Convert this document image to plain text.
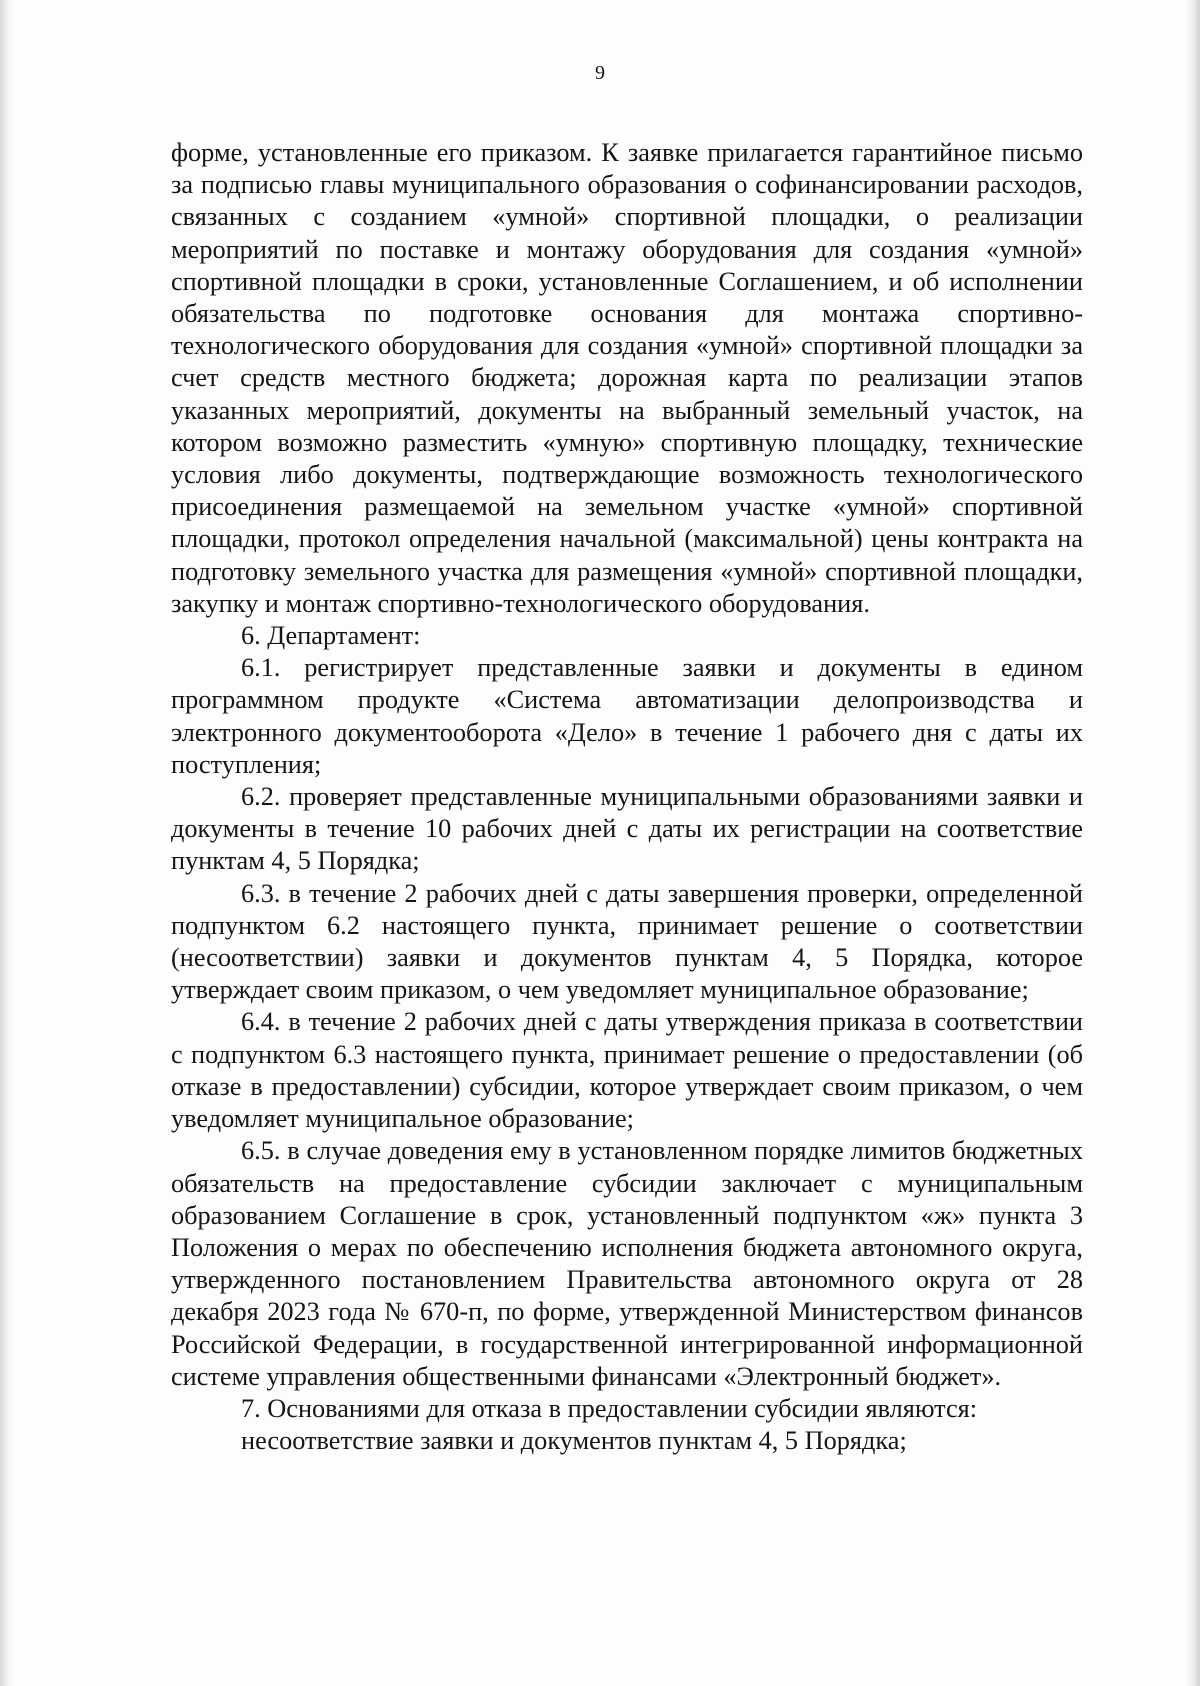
9

форме, установленные его приказом. К заявке прилагается гарантийное письмо за подписью главы муниципального образования о софинансировании расходов, связанных с созданием «умной» спортивной площадки, о реализации мероприятий по поставке и монтажу оборудования для создания «умной» спортивной площадки в сроки, установленные Соглашением, и об исполнении обязательства по подготовке основания для монтажа спортивно-технологического оборудования для создания «умной» спортивной площадки за счет средств местного бюджета; дорожная карта по реализации этапов указанных мероприятий, документы на выбранный земельный участок, на котором возможно разместить «умную» спортивную площадку, технические условия либо документы, подтверждающие возможность технологического присоединения размещаемой на земельном участке «умной» спортивной площадки, протокол определения начальной (максимальной) цены контракта на подготовку земельного участка для размещения «умной» спортивной площадки, закупку и монтаж спортивно-технологического оборудования.

6. Департамент:

6.1. регистрирует представленные заявки и документы в едином программном продукте «Система автоматизации делопроизводства и электронного документооборота «Дело» в течение 1 рабочего дня с даты их поступления;

6.2. проверяет представленные муниципальными образованиями заявки и документы в течение 10 рабочих дней с даты их регистрации на соответствие пунктам 4, 5 Порядка;

6.3. в течение 2 рабочих дней с даты завершения проверки, определенной подпунктом 6.2 настоящего пункта, принимает решение о соответствии (несоответствии) заявки и документов пунктам 4, 5 Порядка, которое утверждает своим приказом, о чем уведомляет муниципальное образование;

6.4. в течение 2 рабочих дней с даты утверждения приказа в соответствии с подпунктом 6.3 настоящего пункта, принимает решение о предоставлении (об отказе в предоставлении) субсидии, которое утверждает своим приказом, о чем уведомляет муниципальное образование;

6.5. в случае доведения ему в установленном порядке лимитов бюджетных обязательств на предоставление субсидии заключает с муниципальным образованием Соглашение в срок, установленный подпунктом «ж» пункта 3 Положения о мерах по обеспечению исполнения бюджета автономного округа, утвержденного постановлением Правительства автономного округа от 28 декабря 2023 года № 670-п, по форме, утвержденной Министерством финансов Российской Федерации, в государственной интегрированной информационной системе управления общественными финансами «Электронный бюджет».

7. Основаниями для отказа в предоставлении субсидии являются:

несоответствие заявки и документов пунктам 4, 5 Порядка;
